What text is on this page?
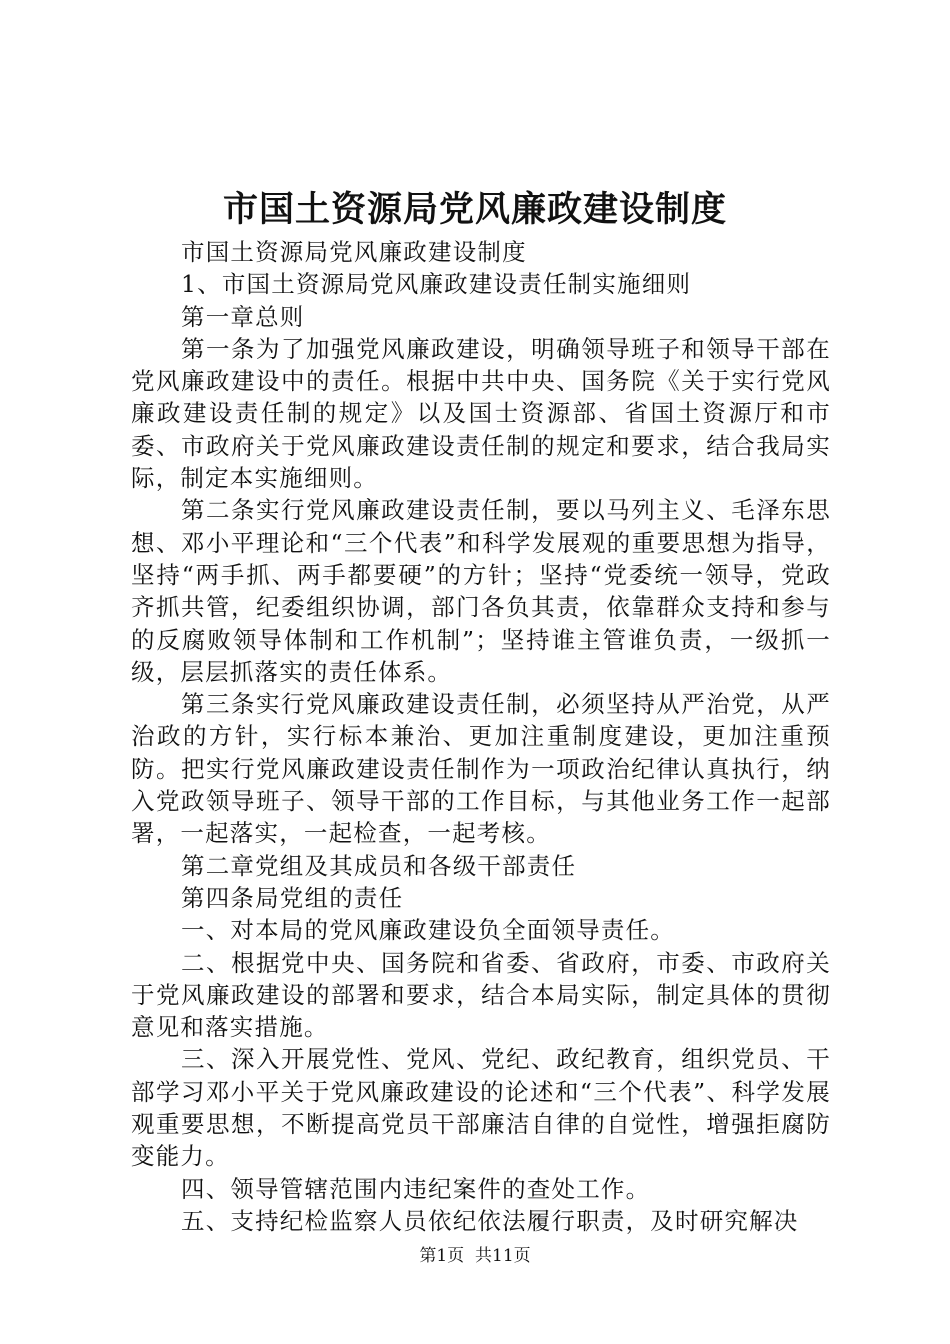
市国土资源局党风廉政建设制度

市国土资源局党风廉政建设制度

1、市国土资源局党风廉政建设责任制实施细则

第一章总则

第一条为了加强党风廉政建设，明确领导班子和领导干部在党风廉政建设中的责任。根据中共中央、国务院《关于实行党风廉政建设责任制的规定》以及国士资源部、省国土资源厅和市委、市政府关于党风廉政建设责任制的规定和要求，结合我局实际，制定本实施细则。

第二条实行党风廉政建设责任制，要以马列主义、毛泽东思想、邓小平理论和“三个代表”和科学发展观的重要思想为指导，坚持“两手抓、两手都要硬”的方针；坚持“党委统一领导，党政齐抓共管，纪委组织协调，部门各负其责，依靠群众支持和参与的反腐败领导体制和工作机制”；坚持谁主管谁负责，一级抓一级，层层抓落实的责任体系。

第三条实行党风廉政建设责任制，必须坚持从严治党，从严治政的方针，实行标本兼治、更加注重制度建设，更加注重预防。把实行党风廉政建设责任制作为一项政治纪律认真执行，纳入党政领导班子、领导干部的工作目标，与其他业务工作一起部署，一起落实，一起检查，一起考核。

第二章党组及其成员和各级干部责任

第四条局党组的责任

一、对本局的党风廉政建设负全面领导责任。

二、根据党中央、国务院和省委、省政府，市委、市政府关于党风廉政建设的部署和要求，结合本局实际，制定具体的贯彻意见和落实措施。

三、深入开展党性、党风、党纪、政纪教育，组织党员、干部学习邓小平关于党风廉政建设的论述和“三个代表”、科学发展观重要思想，不断提高党员干部廉洁自律的自觉性，增强拒腐防变能力。

四、领导管辖范围内违纪案件的查处工作。

五、支持纪检监察人员依纪依法履行职责，及时研究解决

第1页 共11页
